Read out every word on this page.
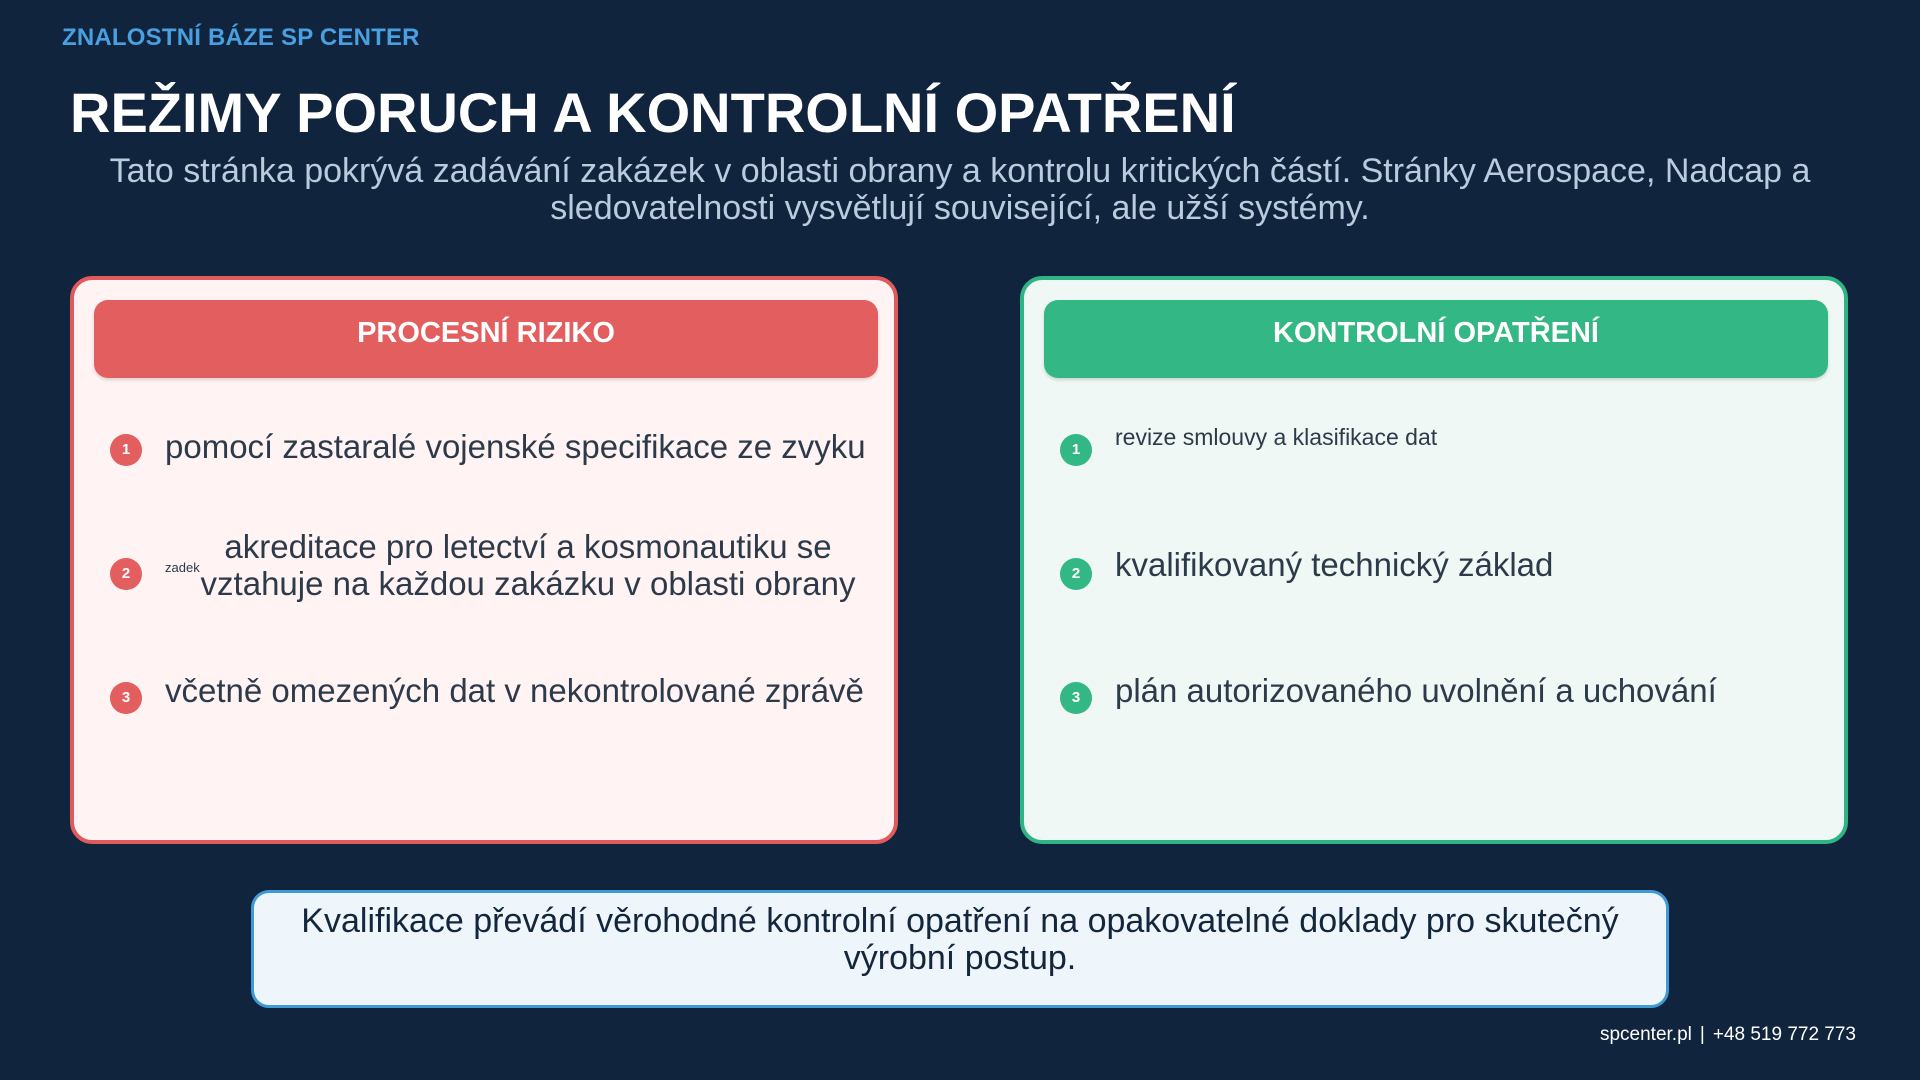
ZNALOSTNÍ BÁZE SP CENTER
REŽIMY PORUCH A KONTROLNÍ OPATŘENÍ
Tato stránka pokrývá zadávání zakázek v oblasti obrany a kontrolu kritických částí. Stránky Aerospace, Nadcap a sledovatelnosti vysvětlují související, ale užší systémy.
PROCESNÍ RIZIKO
1	pomocí zastaralé vojenské specifikace ze zvyku
2	zadek
akreditace pro letectví a kosmonautiku se vztahuje na každou zakázku v oblasti obrany
3	včetně omezených dat v nekontrolované zprávě
KONTROLNÍ OPATŘENÍ
1	revize smlouvy a klasifikace dat
2	kvalifikovaný technický základ
3	plán autorizovaného uvolnění a uchování
Kvalifikace převádí věrohodné kontrolní opatření na opakovatelné doklady pro skutečný výrobní postup.
spcenter.pl | +48 519 772 773
